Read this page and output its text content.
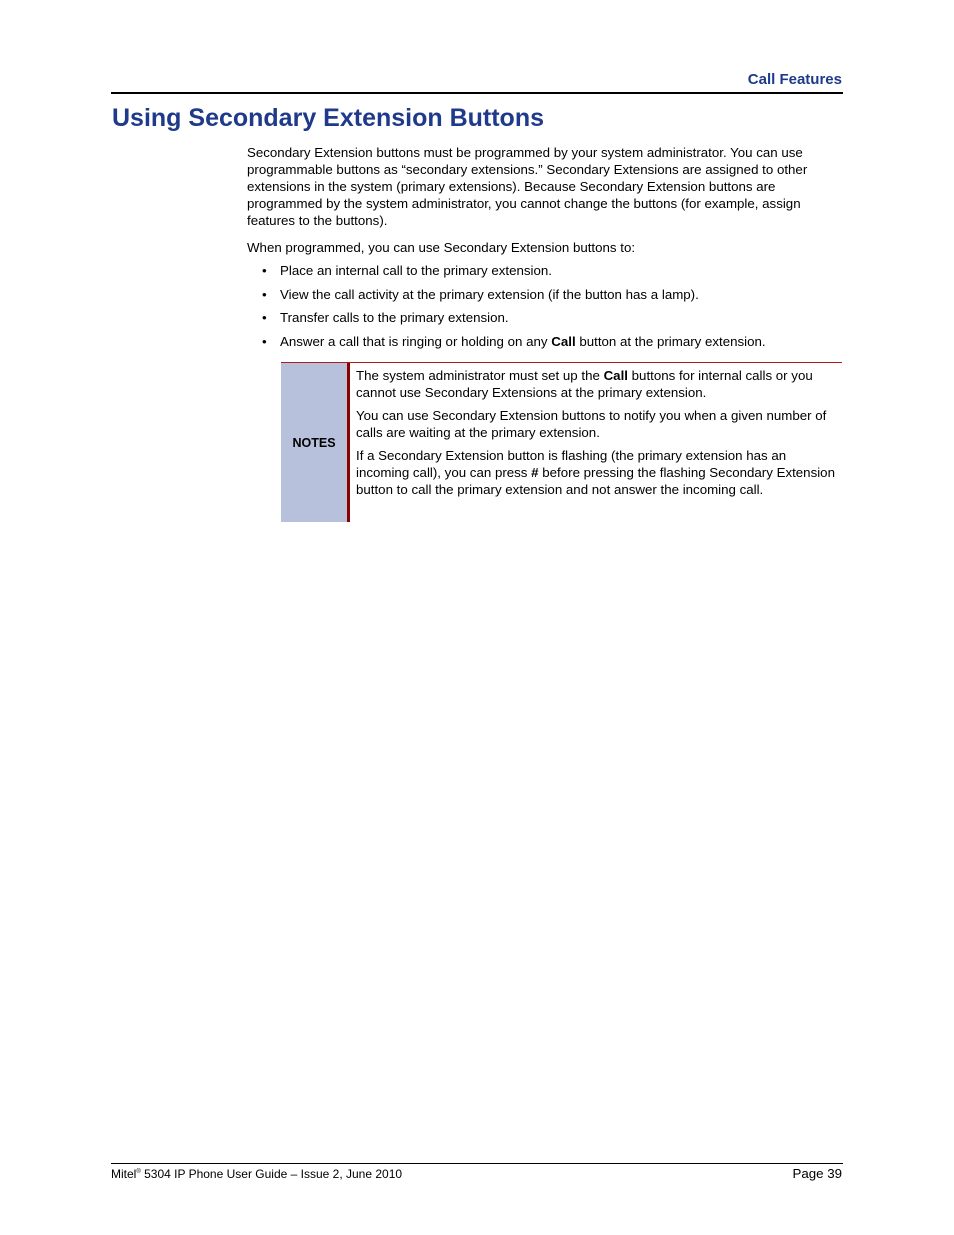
Call Features
Using Secondary Extension Buttons

Secondary Extension buttons must be programmed by your system administrator. You can use programmable buttons as “secondary extensions.” Secondary Extensions are assigned to other extensions in the system (primary extensions). Because Secondary Extension buttons are programmed by the system administrator, you cannot change the buttons (for example, assign features to the buttons).

When programmed, you can use Secondary Extension buttons to:

• Place an internal call to the primary extension.
• View the call activity at the primary extension (if the button has a lamp).
• Transfer calls to the primary extension.
• Answer a call that is ringing or holding on any Call button at the primary extension.
NOTES

The system administrator must set up the Call buttons for internal calls or you cannot use Secondary Extensions at the primary extension.

You can use Secondary Extension buttons to notify you when a given number of calls are waiting at the primary extension.

If a Secondary Extension button is flashing (the primary extension has an incoming call), you can press # before pressing the flashing Secondary Extension button to call the primary extension and not answer the incoming call.

Mitel® 5304 IP Phone User Guide – Issue 2, June 2010	Page 39
